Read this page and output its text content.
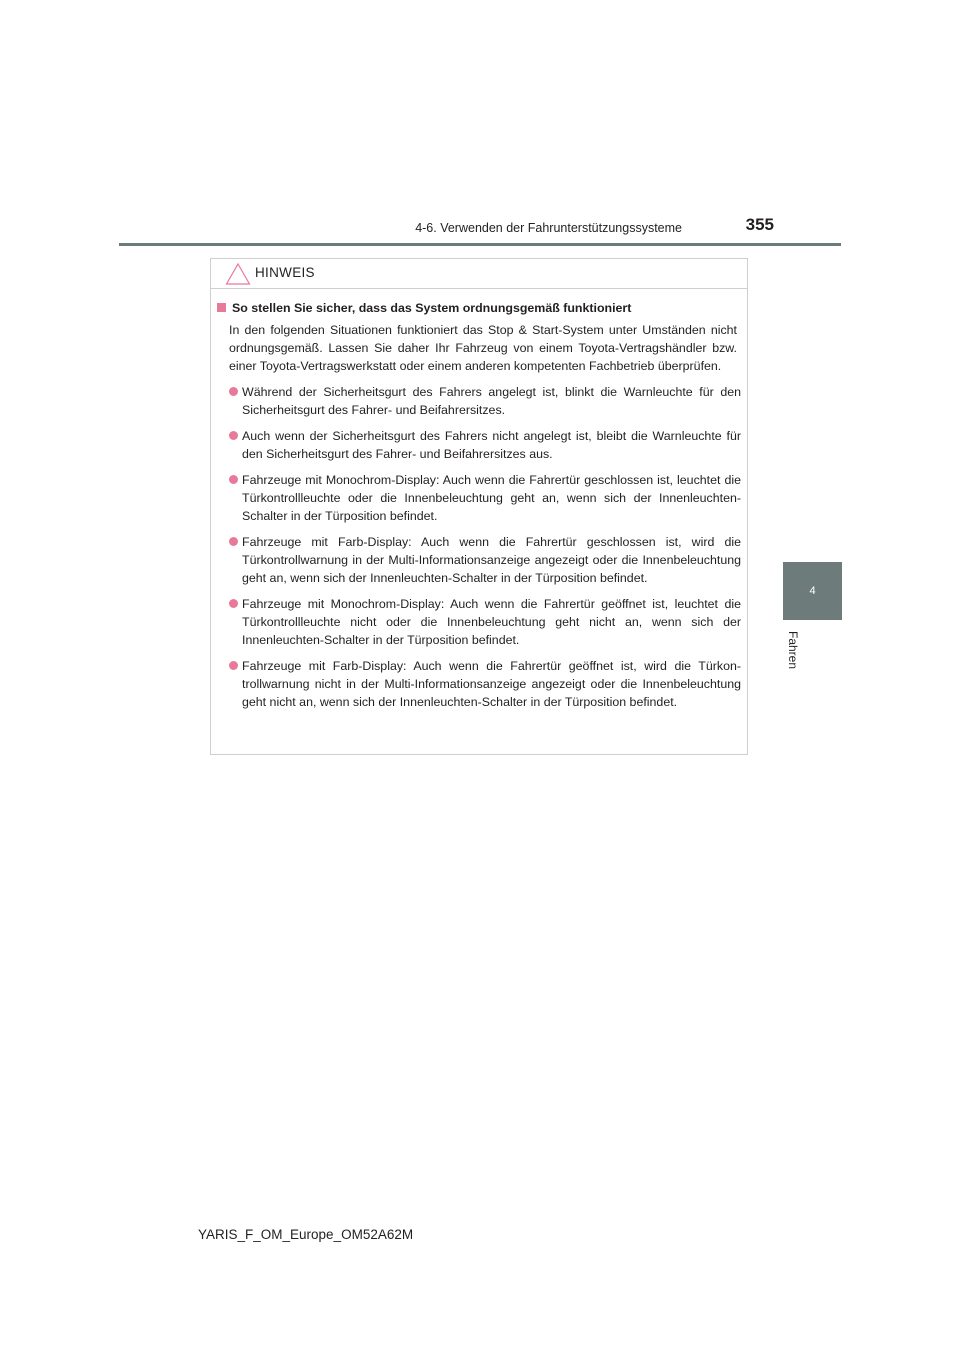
4-6. Verwenden der Fahrunterstützungssysteme	355
4
Fahren
HINWEIS
So stellen Sie sicher, dass das System ordnungsgemäß funktioniert
In den folgenden Situationen funktioniert das Stop & Start-System unter Umständen nicht ordnungsgemäß. Lassen Sie daher Ihr Fahrzeug von einem Toyota-Vertragshändler bzw. einer Toyota-Vertragswerkstatt oder einem anderen kompetenten Fachbetrieb überprüfen.
Während der Sicherheitsgurt des Fahrers angelegt ist, blinkt die Warnleuchte für den Sicherheitsgurt des Fahrer- und Beifahrersitzes.
Auch wenn der Sicherheitsgurt des Fahrers nicht angelegt ist, bleibt die Warnleuchte für den Sicherheitsgurt des Fahrer- und Beifahrersitzes aus.
Fahrzeuge mit Monochrom-Display: Auch wenn die Fahrertür geschlossen ist, leuchtet die Türkontrollleuchte oder die Innenbeleuchtung geht an, wenn sich der Innenleuchten-Schalter in der Türposition befindet.
Fahrzeuge mit Farb-Display: Auch wenn die Fahrertür geschlossen ist, wird die Türkontrollwarnung in der Multi-Informationsanzeige angezeigt oder die Innenbeleuchtung geht an, wenn sich der Innenleuchten-Schalter in der Türposition befindet.
Fahrzeuge mit Monochrom-Display: Auch wenn die Fahrertür geöffnet ist, leuchtet die Türkontrollleuchte nicht oder die Innenbeleuchtung geht nicht an, wenn sich der Innenleuchten-Schalter in der Türposition befindet.
Fahrzeuge mit Farb-Display: Auch wenn die Fahrertür geöffnet ist, wird die Türkontrollwarnung nicht in der Multi-Informationsanzeige angezeigt oder die Innenbeleuchtung geht nicht an, wenn sich der Innenleuchten-Schalter in der Türposition befindet.
YARIS_F_OM_Europe_OM52A62M
